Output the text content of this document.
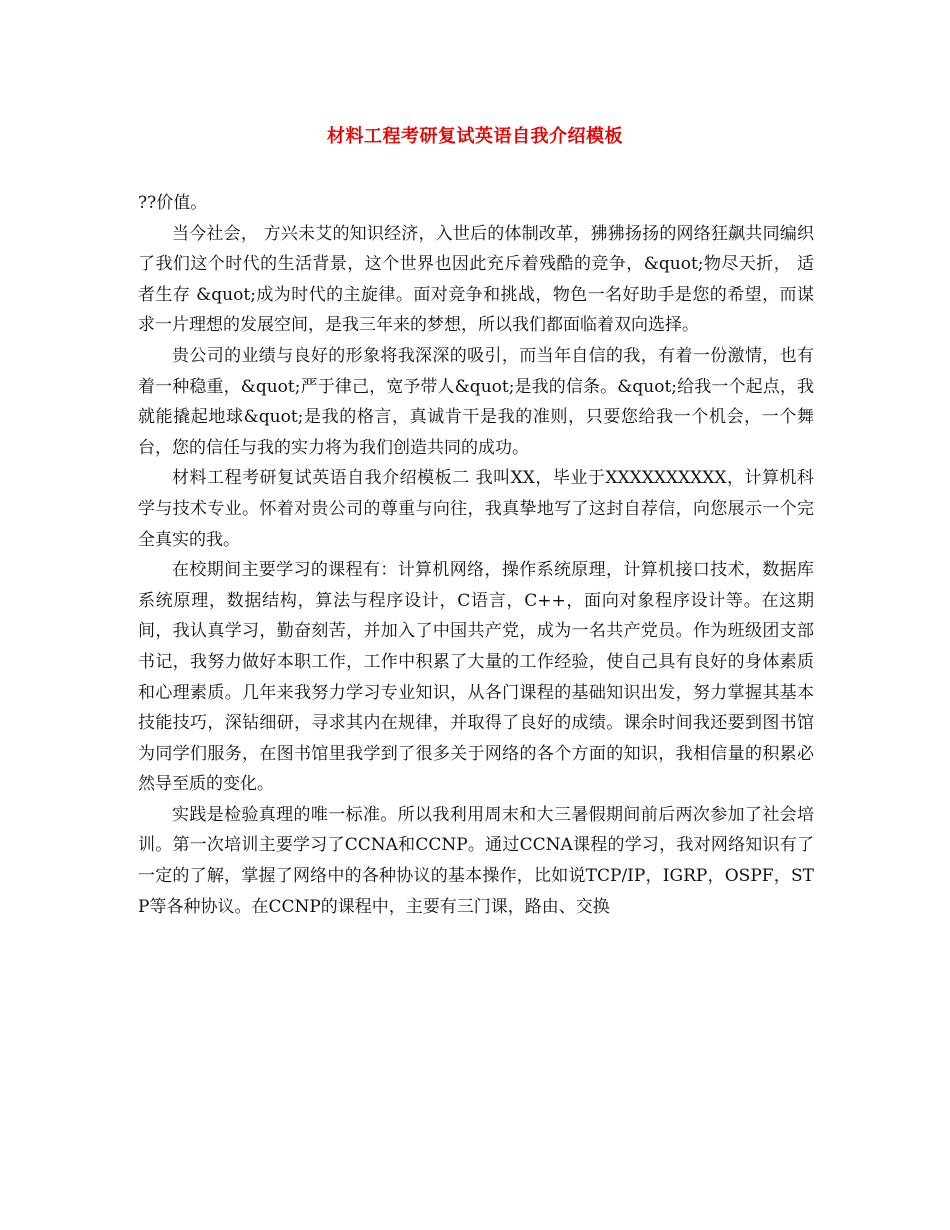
材料工程考研复试英语自我介绍模板

??价值。

当今社会， 方兴未艾的知识经济，入世后的体制改革，狒狒扬扬的网络狂飙共同编织了我们这个时代的生活背景，这个世界也因此充斥着残酷的竞争，&quot;物尽天折， 适者生存 &quot;成为时代的主旋律。面对竞争和挑战，物色一名好助手是您的希望，而谋求一片理想的发展空间，是我三年来的梦想，所以我们都面临着双向选择。

贵公司的业绩与良好的形象将我深深的吸引，而当年自信的我，有着一份激情，也有着一种稳重，&quot;严于律己，宽予带人&quot;是我的信条。&quot;给我一个起点，我就能撬起地球&quot;是我的格言，真诚肯干是我的准则，只要您给我一个机会，一个舞台，您的信任与我的实力将为我们创造共同的成功。

材料工程考研复试英语自我介绍模板二 我叫XX，毕业于XXXXXXXXXX，计算机科学与技术专业。怀着对贵公司的尊重与向往，我真挚地写了这封自荐信，向您展示一个完全真实的我。

在校期间主要学习的课程有：计算机网络，操作系统原理，计算机接口技术，数据库系统原理，数据结构，算法与程序设计，C语言，C++，面向对象程序设计等。在这期间，我认真学习，勤奋刻苦，并加入了中国共产党，成为一名共产党员。作为班级团支部书记，我努力做好本职工作，工作中积累了大量的工作经验，使自己具有良好的身体素质和心理素质。几年来我努力学习专业知识，从各门课程的基础知识出发，努力掌握其基本技能技巧，深钻细研，寻求其内在规律，并取得了良好的成绩。课余时间我还要到图书馆为同学们服务，在图书馆里我学到了很多关于网络的各个方面的知识，我相信量的积累必然导至质的变化。

实践是检验真理的唯一标准。所以我利用周末和大三暑假期间前后两次参加了社会培训。第一次培训主要学习了CCNA和CCNP。通过CCNA课程的学习，我对网络知识有了一定的了解，掌握了网络中的各种协议的基本操作，比如说TCP/IP，IGRP，OSPF，STP等各种协议。在CCNP的课程中，主要有三门课，路由、交换
